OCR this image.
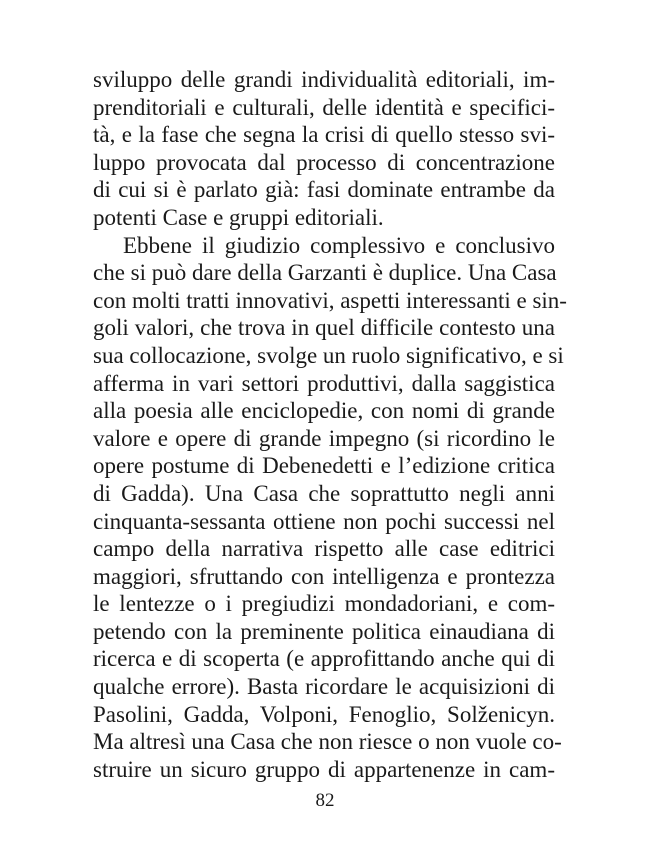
sviluppo delle grandi individualità editoriali, im-
prenditoriali e culturali, delle identità e specifici-
tà, e la fase che segna la crisi di quello stesso svi-
luppo provocata dal processo di concentrazione
di cui si è parlato già: fasi dominate entrambe da
potenti Case e gruppi editoriali.
Ebbene il giudizio complessivo e conclusivo
che si può dare della Garzanti è duplice. Una Casa
con molti tratti innovativi, aspetti interessanti e sin-
goli valori, che trova in quel difficile contesto una
sua collocazione, svolge un ruolo significativo, e si
afferma in vari settori produttivi, dalla saggistica
alla poesia alle enciclopedie, con nomi di grande
valore e opere di grande impegno (si ricordino le
opere postume di Debenedetti e l’edizione critica
di Gadda). Una Casa che soprattutto negli anni
cinquanta-sessanta ottiene non pochi successi nel
campo della narrativa rispetto alle case editrici
maggiori, sfruttando con intelligenza e prontezza
le lentezze o i pregiudizi mondadoriani, e com-
petendo con la preminente politica einaudiana di
ricerca e di scoperta (e approfittando anche qui di
qualche errore). Basta ricordare le acquisizioni di
Pasolini, Gadda, Volponi, Fenoglio, Solženicyn.
Ma altresì una Casa che non riesce o non vuole co-
struire un sicuro gruppo di appartenenze in cam-
82
